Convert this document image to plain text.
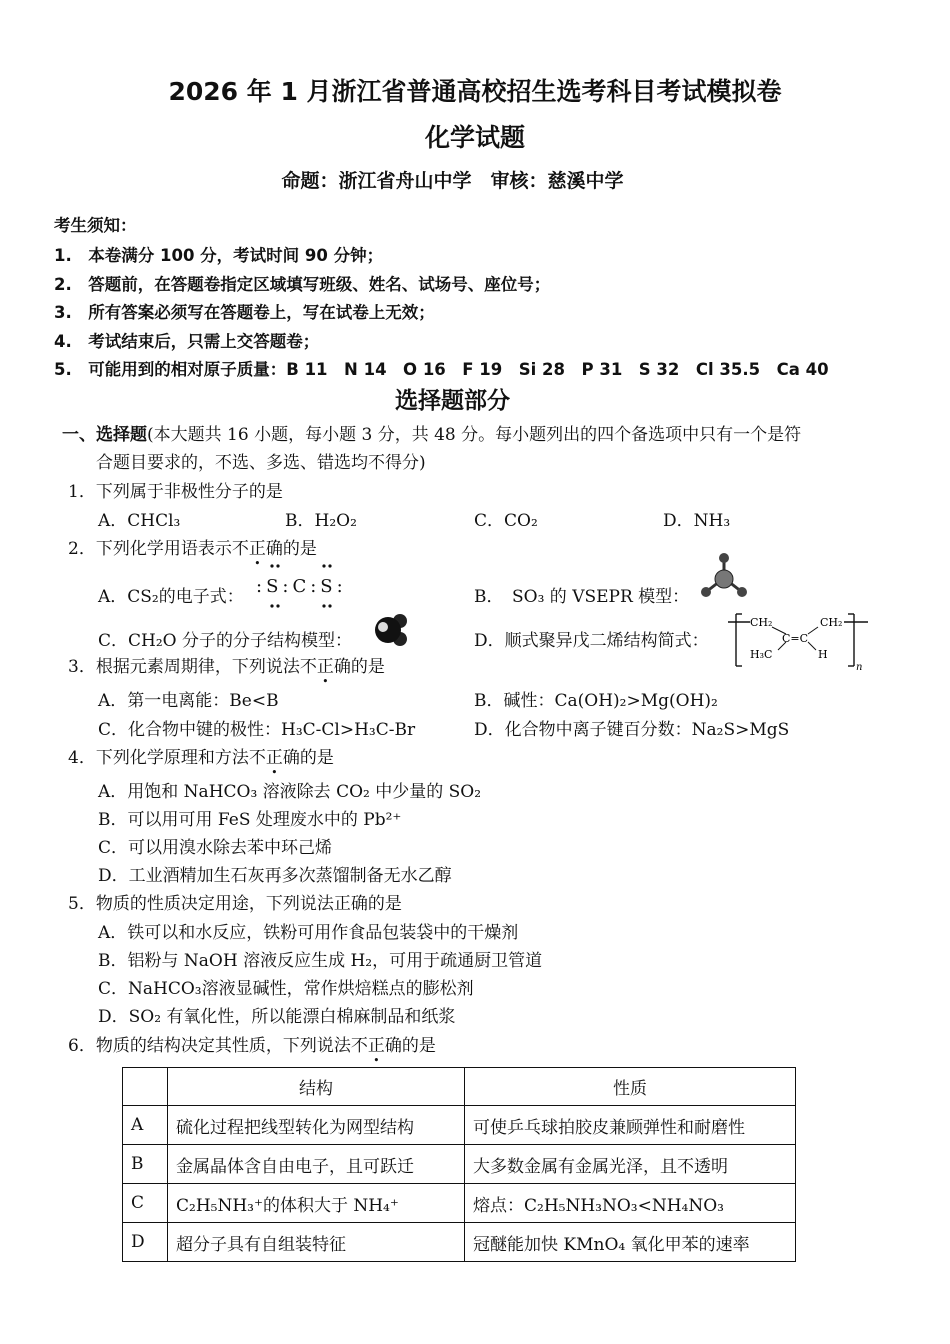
2026 年 1 月浙江省普通高校招生选考科目考试模拟卷
化学试题
命题：浙江省舟山中学　审核：慈溪中学
考生须知：
1.　本卷满分 100 分，考试时间 90 分钟；
2.　答题前，在答题卷指定区域填写班级、姓名、试场号、座位号；
3.　所有答案必须写在答题卷上，写在试卷上无效；
4.　考试结束后，只需上交答题卷；
5.　可能用到的相对原子质量：B 11　N 14　O 16　F 19　Si 28　P 31　S 32　Cl 35.5　Ca 40
选择题部分
一、选择题(本大题共 16 小题，每小题 3 分，共 48 分。每小题列出的四个备选项中只有一个是符
合题目要求的，不选、多选、错选均不得分)
1．下列属于非极性分子的是
A．CHCl₃	B．H₂O₂	C．CO₂	D．NH₃
2．下列化学用语表示不正确的是
A．CS₂的电子式： :S:C:S:	B．　SO₃ 的 VSEPR 模型：
C．CH₂O 分子的分子结构模型：	D．顺式聚异戊二烯结构简式：
CH₂	CH₂
C=C
H₃C	H
n
3．根据元素周期律，下列说法不正确的是
A．第一电离能：Be<B	B．碱性：Ca(OH)₂>Mg(OH)₂
C．化合物中键的极性：H₃C-Cl>H₃C-Br	D．化合物中离子键百分数：Na₂S>MgS
4．下列化学原理和方法不正确的是
A．用饱和 NaHCO₃ 溶液除去 CO₂ 中少量的 SO₂
B．可以用可用 FeS 处理废水中的 Pb²⁺
C．可以用溴水除去苯中环己烯
D．工业酒精加生石灰再多次蒸馏制备无水乙醇
5．物质的性质决定用途，下列说法正确的是
A．铁可以和水反应，铁粉可用作食品包装袋中的干燥剂
B．铝粉与 NaOH 溶液反应生成 H₂，可用于疏通厨卫管道
C．NaHCO₃溶液显碱性，常作烘焙糕点的膨松剂
D．SO₂ 有氧化性，所以能漂白棉麻制品和纸浆
6．物质的结构决定其性质，下列说法不正确的是
	结构	性质
A	硫化过程把线型转化为网型结构	可使乒乓球拍胶皮兼顾弹性和耐磨性
B	金属晶体含自由电子，且可跃迁	大多数金属有金属光泽，且不透明
C	C₂H₅NH₃⁺的体积大于 NH₄⁺	熔点：C₂H₅NH₃NO₃<NH₄NO₃
D	超分子具有自组装特征	冠醚能加快 KMnO₄ 氧化甲苯的速率
